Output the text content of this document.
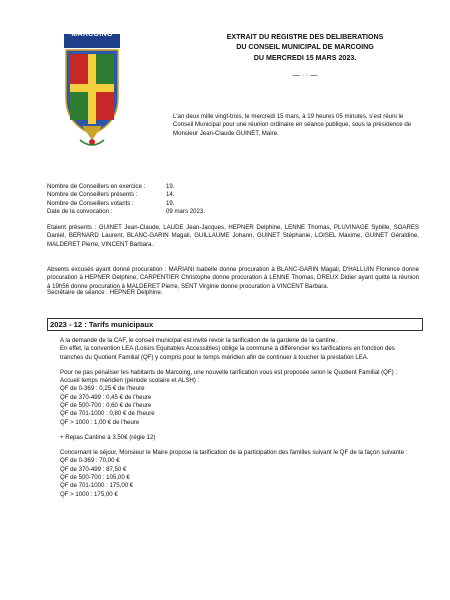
MARCOING	EXTRAIT DU REGISTRE DES DELIBERATIONS
DU CONSEIL MUNICIPAL DE MARCOING
DU MERCREDI 15 MARS 2023.
— · · —
L'an deux mille vingt-trois, le mercredi 15 mars, à 19 heures 05 minutes, s'est réuni le Conseil Municipal pour une réunion ordinaire en séance publique, sous la présidence de Monsieur Jean-Claude GUINET, Maire.
Nombre de Conseillers en exercice :	19.
Nombre de Conseillers présents :	14.
Nombre de Conseillers votants :	19.
Date de la convocation :	09 mars 2023.
Etaient présents : GUINET Jean-Claude, LAUDE Jean-Jacques, HEPNER Delphine, LENNE Thomas, PLUVINAGE Sybille, SOARES Daniel, BERNARD Laurent, BLANC-GARIN Magali, GUILLAUME Johann, GUINET Stéphanie, LOISEL Maxime, GUINET Géraldine, MALDERET Pierre, VINCENT Barbara.
Absents excusés ayant donné procuration : MARIANI Isabelle donne procuration à BLANC-GARIN Magali, D'HALLUIN Florence donne procuration à HEPNER Delphine, CARPENTIER Christophe donne procuration à LENNE Thomas, DREUX Didier ayant quitté la réunion à 19h56 donne procuration à MALDERET Pierre, SENT Virginie donne procuration à VINCENT Barbara.
Secrétaire de séance : HEPNER Delphine.
2023 - 12 : Tarifs municipaux

A la demande de la CAF, le conseil municipal est invité revoir la tarification de la garderie de la cantine.

En effet, la convention LEA (Loisirs Equitables Accessibles) oblige la commune à différencier les tarifications en fonction des tranches du Quotient Familial (QF) y compris pour le temps méridien afin de continuer à toucher la prestation LEA.

Pour ne pas pénaliser les habitants de Marcoing, une nouvelle tarification vous est proposée selon le Quotient Familial (QF) :

Accueil temps méridien (période scolaire et ALSH) :
QF de 0-369 : 0,25 € de l'heure
QF de 370-499 : 0,45 € de l'heure
QF de 500-700 : 0,60 € de l'heure
QF de 701-1000 : 0,80 € de l'heure
QF > 1000 : 1,00 € de l'heure
+ Repas Cantine à 3.50€ (régie 12)
Concernant le séjour, Monsieur le Maire propose la tarification de la participation des familles suivant le QF de la façon suivante :
QF de 0-369 : 70,00 €
QF de 370-499 : 87,50 €
QF de 500-700 : 105,00 €
QF de 701-1000 : 175,00 €
QF > 1000 : 175,00 €
